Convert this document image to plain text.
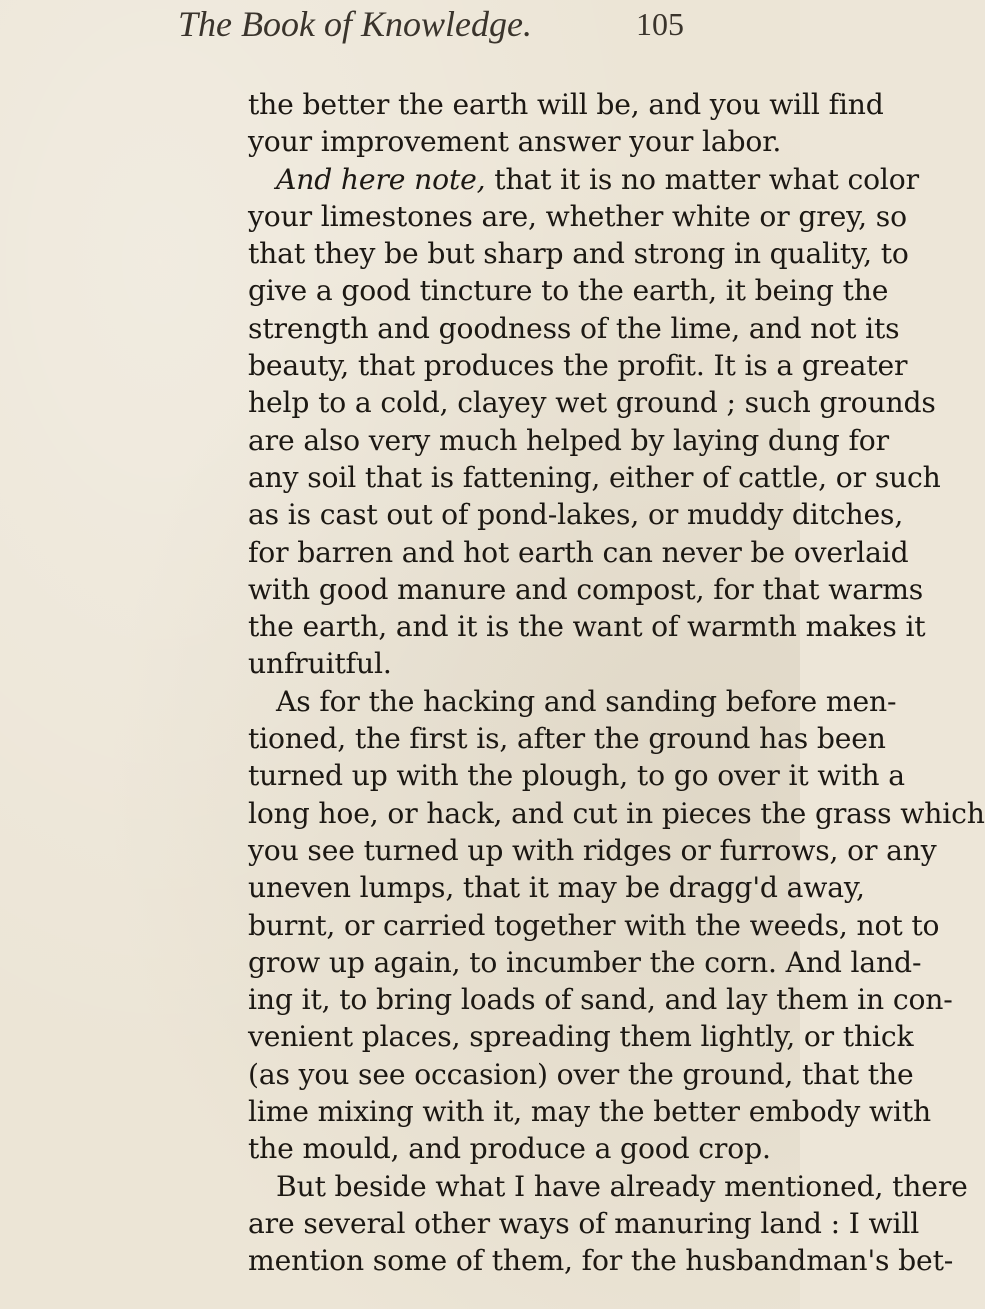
The Book of Knowledge.	105
the better the earth will be, and you will find
your improvement answer your labor.
And here note, that it is no matter what color
your limestones are, whether white or grey, so
that they be but sharp and strong in quality, to
give a good tincture to the earth, it being the
strength and goodness of the lime, and not its
beauty, that produces the profit. It is a greater
help to a cold, clayey wet ground ; such grounds
are also very much helped by laying dung for
any soil that is fattening, either of cattle, or such
as is cast out of pond-lakes, or muddy ditches,
for barren and hot earth can never be overlaid
with good manure and compost, for that warms
the earth, and it is the want of warmth makes it
unfruitful.
As for the hacking and sanding before men-
tioned, the first is, after the ground has been
turned up with the plough, to go over it with a
long hoe, or hack, and cut in pieces the grass which
you see turned up with ridges or furrows, or any
uneven lumps, that it may be dragg'd away,
burnt, or carried together with the weeds, not to
grow up again, to incumber the corn. And land-
ing it, to bring loads of sand, and lay them in con-
venient places, spreading them lightly, or thick
(as you see occasion) over the ground, that the
lime mixing with it, may the better embody with
the mould, and produce a good crop.
But beside what I have already mentioned, there
are several other ways of manuring land : I will
mention some of them, for the husbandman's bet-
